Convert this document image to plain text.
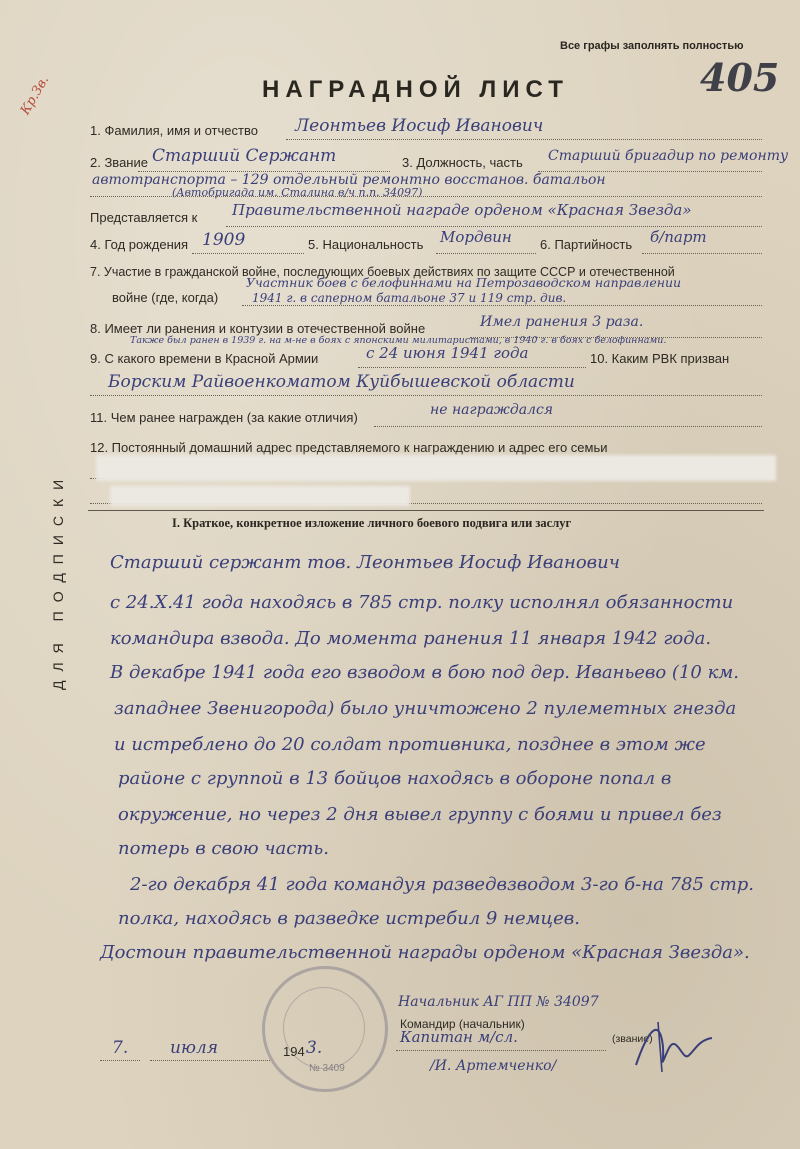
Все графы заполнять полностью
405
Кр.Зв.	НАГРАДНОЙ ЛИСТ
1. Фамилия, имя и отчество Леонтьев Иосиф Иванович
2. Звание Старший Сержант	3. Должность, часть Старший бригадир по ремонту
автотранспорта – 129 отдельный ремонтно восстанов. батальон
(Автобригада им. Сталина в/ч п.п. 34097)
Представляется к Правительственной награде орденом «Красная Звезда»
4. Год рождения 1909	5. Национальность Мордвин 6. Партийность б/парт
7. Участие в гражданской войне, последующих боевых действиях по защите СССР и отечественной
войне (где, когда)
Участник боев с белофиннами на Петрозаводском направлении
1941 г. в саперном батальоне 37 и 119 стр. див.
8. Имеет ли ранения и контузии в отечественной войне	Имел ранения 3 раза.
Также был ранен в 1939 г. на м-не в боях с японскими милитаристами, в 1940 г. в боях с белофиннами.
9. С какого времени в Красной Армии	с 24 июня 1941 года	10. Каким РВК призван
Борским Райвоенкоматом Куйбышевской области
11. Чем ранее награжден (за какие отличия)	не награждался
12. Постоянный домашний адрес представляемого к награждению и адрес его семьи
I. Краткое, конкретное изложение личного боевого подвига или заслуг
Старший сержант тов. Леонтьев Иосиф Иванович
с 24.X.41 года находясь в 785 стр. полку исполнял обязанности
командира взвода. До момента ранения 11 января 1942 года.
В декабре 1941 года его взводом в бою под дер. Иваньево (10 км.
западнее Звенигорода) было уничтожено 2 пулеметных гнезда
и истреблено до 20 солдат противника, позднее в этом же
районе с группой в 13 бойцов находясь в обороне попал в
окружение, но через 2 дня вывел группу с боями и привел без
потерь в свою часть.
2-го декабря 41 года командуя разведвзводом 3-го б-на 785 стр.
полка, находясь в разведке истребил 9 немцев.
Достоин правительственной награды орденом «Красная Звезда».
№ 3409
Начальник АГ ПП № 34097
Командир (начальник)
7. июля	194 3.
Капитан м/сл.	(звание)
/И. Артемченко/
ДЛЯ ПОДПИСКИ
